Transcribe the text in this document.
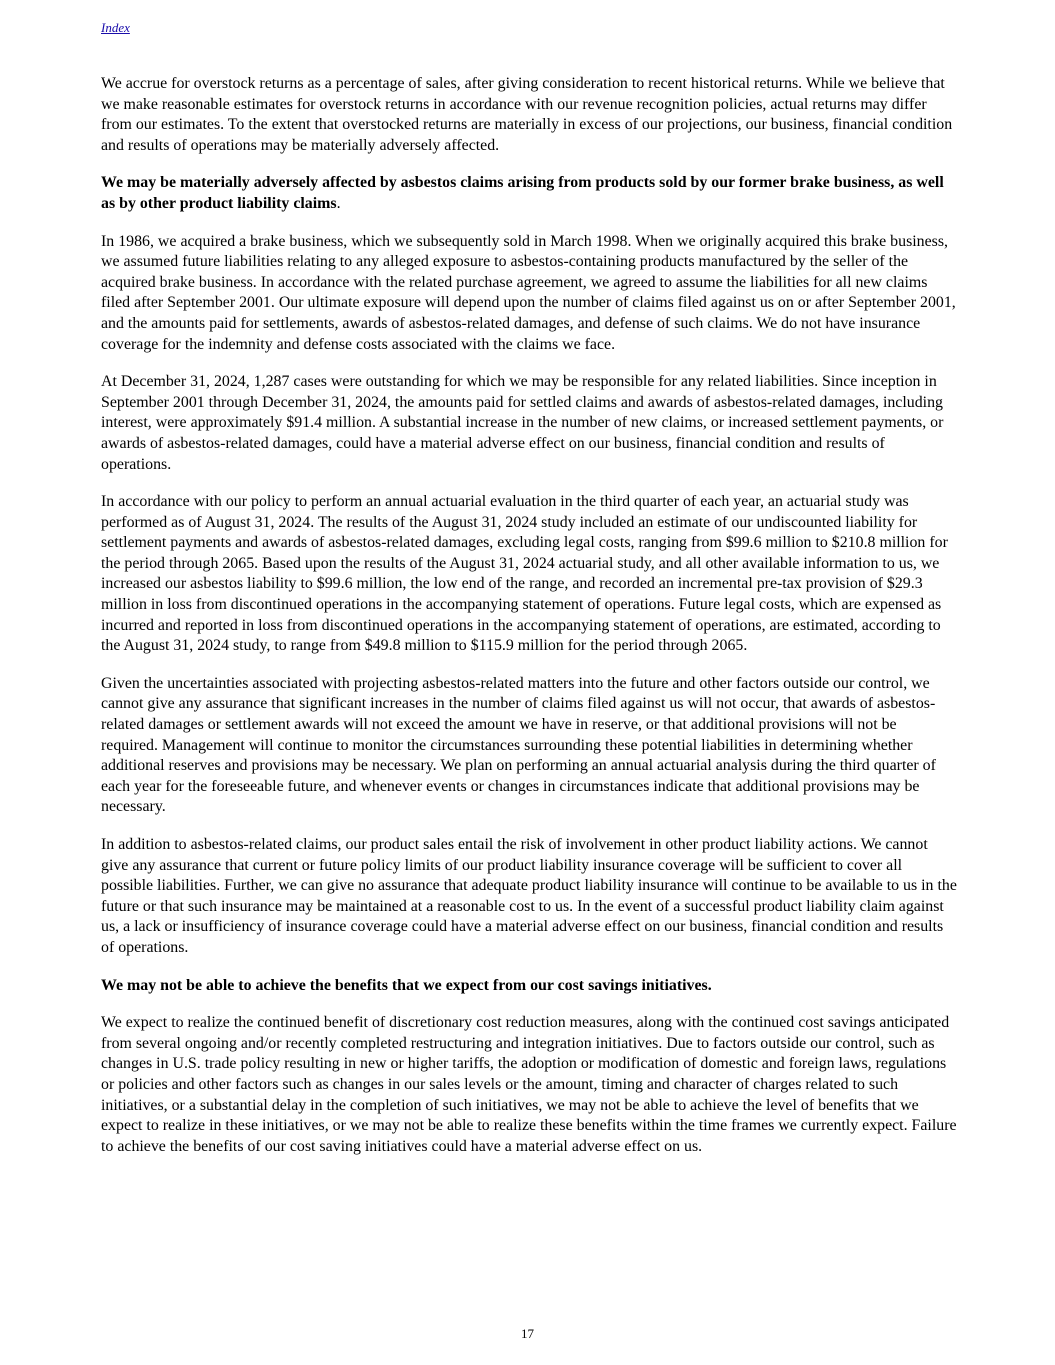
Index

We accrue for overstock returns as a percentage of sales, after giving consideration to recent historical returns. While we believe that we make reasonable estimates for overstock returns in accordance with our revenue recognition policies, actual returns may differ from our estimates. To the extent that overstocked returns are materially in excess of our projections, our business, financial condition and results of operations may be materially adversely affected.

We may be materially adversely affected by asbestos claims arising from products sold by our former brake business, as well as by other product liability claims.

In 1986, we acquired a brake business, which we subsequently sold in March 1998. When we originally acquired this brake business, we assumed future liabilities relating to any alleged exposure to asbestos-containing products manufactured by the seller of the acquired brake business. In accordance with the related purchase agreement, we agreed to assume the liabilities for all new claims filed after September 2001. Our ultimate exposure will depend upon the number of claims filed against us on or after September 2001, and the amounts paid for settlements, awards of asbestos-related damages, and defense of such claims. We do not have insurance coverage for the indemnity and defense costs associated with the claims we face.

At December 31, 2024, 1,287 cases were outstanding for which we may be responsible for any related liabilities. Since inception in September 2001 through December 31, 2024, the amounts paid for settled claims and awards of asbestos-related damages, including interest, were approximately $91.4 million. A substantial increase in the number of new claims, or increased settlement payments, or awards of asbestos-related damages, could have a material adverse effect on our business, financial condition and results of operations.

In accordance with our policy to perform an annual actuarial evaluation in the third quarter of each year, an actuarial study was performed as of August 31, 2024. The results of the August 31, 2024 study included an estimate of our undiscounted liability for settlement payments and awards of asbestos-related damages, excluding legal costs, ranging from $99.6 million to $210.8 million for the period through 2065. Based upon the results of the August 31, 2024 actuarial study, and all other available information to us, we increased our asbestos liability to $99.6 million, the low end of the range, and recorded an incremental pre-tax provision of $29.3 million in loss from discontinued operations in the accompanying statement of operations. Future legal costs, which are expensed as incurred and reported in loss from discontinued operations in the accompanying statement of operations, are estimated, according to the August 31, 2024 study, to range from $49.8 million to $115.9 million for the period through 2065.

Given the uncertainties associated with projecting asbestos-related matters into the future and other factors outside our control, we cannot give any assurance that significant increases in the number of claims filed against us will not occur, that awards of asbestos-related damages or settlement awards will not exceed the amount we have in reserve, or that additional provisions will not be required. Management will continue to monitor the circumstances surrounding these potential liabilities in determining whether additional reserves and provisions may be necessary. We plan on performing an annual actuarial analysis during the third quarter of each year for the foreseeable future, and whenever events or changes in circumstances indicate that additional provisions may be necessary.

In addition to asbestos-related claims, our product sales entail the risk of involvement in other product liability actions. We cannot give any assurance that current or future policy limits of our product liability insurance coverage will be sufficient to cover all possible liabilities. Further, we can give no assurance that adequate product liability insurance will continue to be available to us in the future or that such insurance may be maintained at a reasonable cost to us. In the event of a successful product liability claim against us, a lack or insufficiency of insurance coverage could have a material adverse effect on our business, financial condition and results of operations.

We may not be able to achieve the benefits that we expect from our cost savings initiatives.

We expect to realize the continued benefit of discretionary cost reduction measures, along with the continued cost savings anticipated from several ongoing and/or recently completed restructuring and integration initiatives. Due to factors outside our control, such as changes in U.S. trade policy resulting in new or higher tariffs, the adoption or modification of domestic and foreign laws, regulations or policies and other factors such as changes in our sales levels or the amount, timing and character of charges related to such initiatives, or a substantial delay in the completion of such initiatives, we may not be able to achieve the level of benefits that we expect to realize in these initiatives, or we may not be able to realize these benefits within the time frames we currently expect. Failure to achieve the benefits of our cost saving initiatives could have a material adverse effect on us.

17
